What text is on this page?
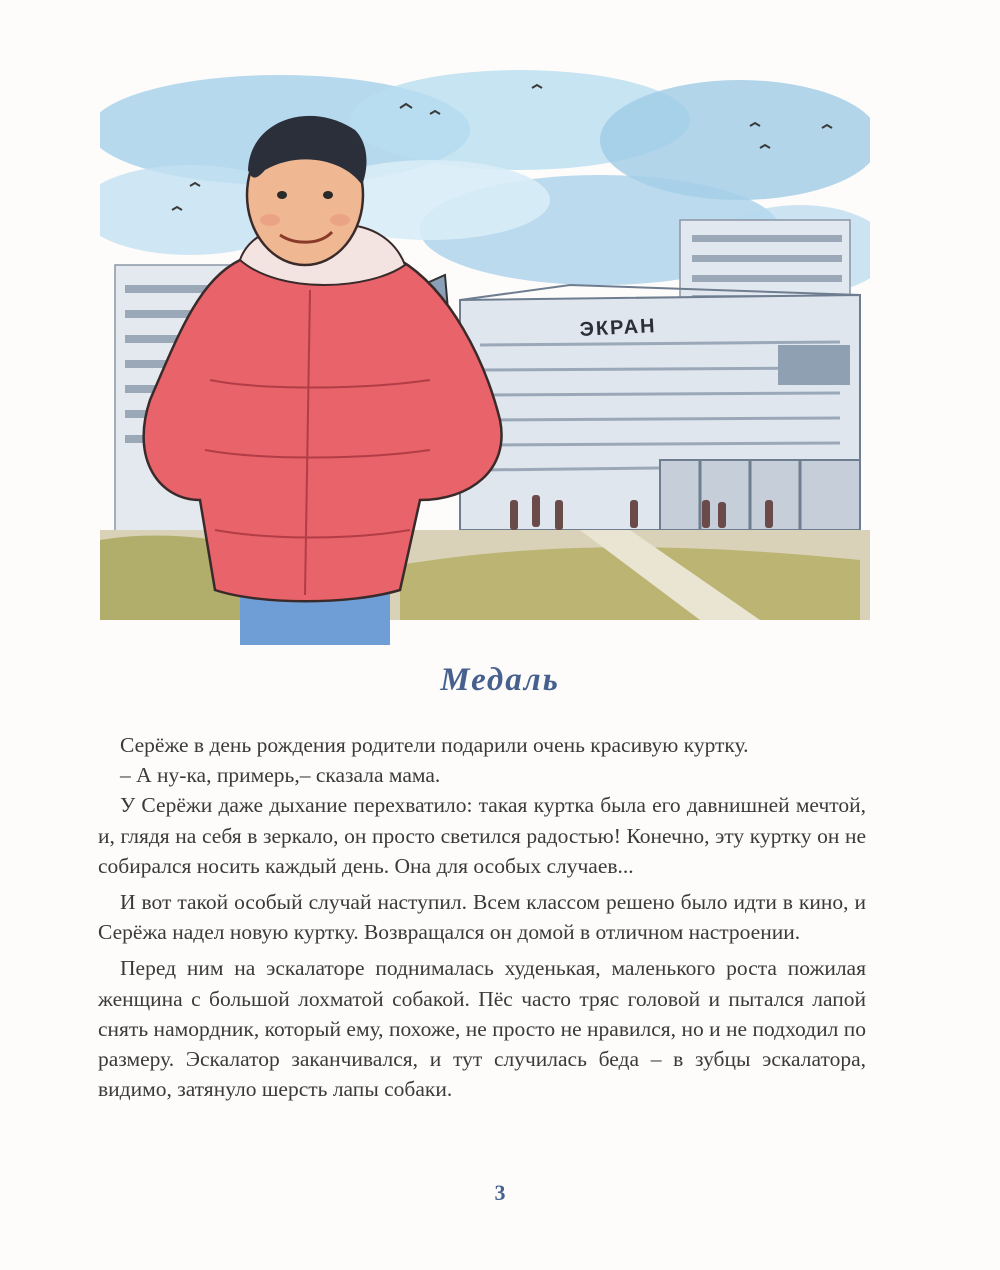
ЭКРАН
Медаль

Серёже в день рождения родители подарили очень красивую куртку.

– А ну-ка, примерь,– сказала мама.

У Серёжи даже дыхание перехватило: такая куртка была его давнишней мечтой, и, глядя на себя в зеркало, он просто светился радостью! Конечно, эту куртку он не собирался носить каждый день. Она для особых случаев...

И вот такой особый случай наступил. Всем классом решено было идти в кино, и Серёжа надел новую куртку. Возвращался он домой в отличном настроении.

Перед ним на эскалаторе поднималась худенькая, маленького роста пожилая женщина с большой лохматой собакой. Пёс часто тряс головой и пытался лапой снять намордник, который ему, похоже, не просто не нравился, но и не подходил по размеру. Эскалатор заканчивался, и тут случилась беда – в зубцы эскалатора, видимо, затянуло шерсть лапы собаки.

3
